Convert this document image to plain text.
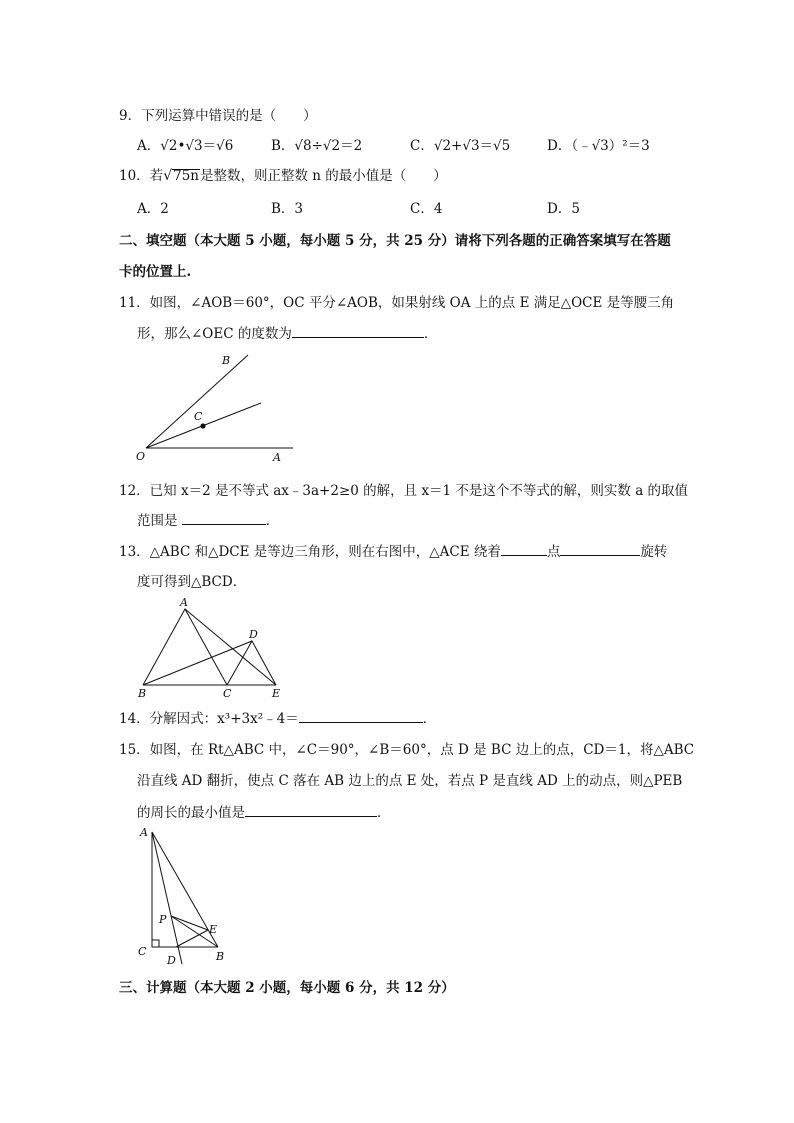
9．下列运算中错误的是（　　）
A．√2•√3＝√6	B．√8÷√2＝2	C．√2+√3＝√5	D．（﹣√3）²＝3
10．若√75n是整数，则正整数 n 的最小值是（　　）
A．2	B．3	C．4	D．5
二、填空题（本大题 5 小题，每小题 5 分，共 25 分）请将下列各题的正确答案填写在答题
卡的位置上.
11．如图，∠AOB＝60°，OC 平分∠AOB，如果射线 OA 上的点 E 满足△OCE 是等腰三角
形，那么∠OEC 的度数为	．
B
C
O	A
12．已知 x＝2 是不等式 ax﹣3a+2≥0 的解，且 x＝1 不是这个不等式的解，则实数 a 的取值
范围是	．
13．△ABC 和△DCE 是等边三角形，则在右图中，△ACE 绕着	点	旋转
度可得到△BCD．
A
D
B	C	E
14．分解因式：x³+3x²﹣4＝	．
15．如图，在 Rt△ABC 中，∠C＝90°，∠B＝60°，点 D 是 BC 边上的点，CD＝1，将△ABC
沿直线 AD 翻折，使点 C 落在 AB 边上的点 E 处，若点 P 是直线 AD 上的动点，则△PEB
的周长的最小值是	．
A
P
E
C
D	B
三、计算题（本大题 2 小题，每小题 6 分，共 12 分）
